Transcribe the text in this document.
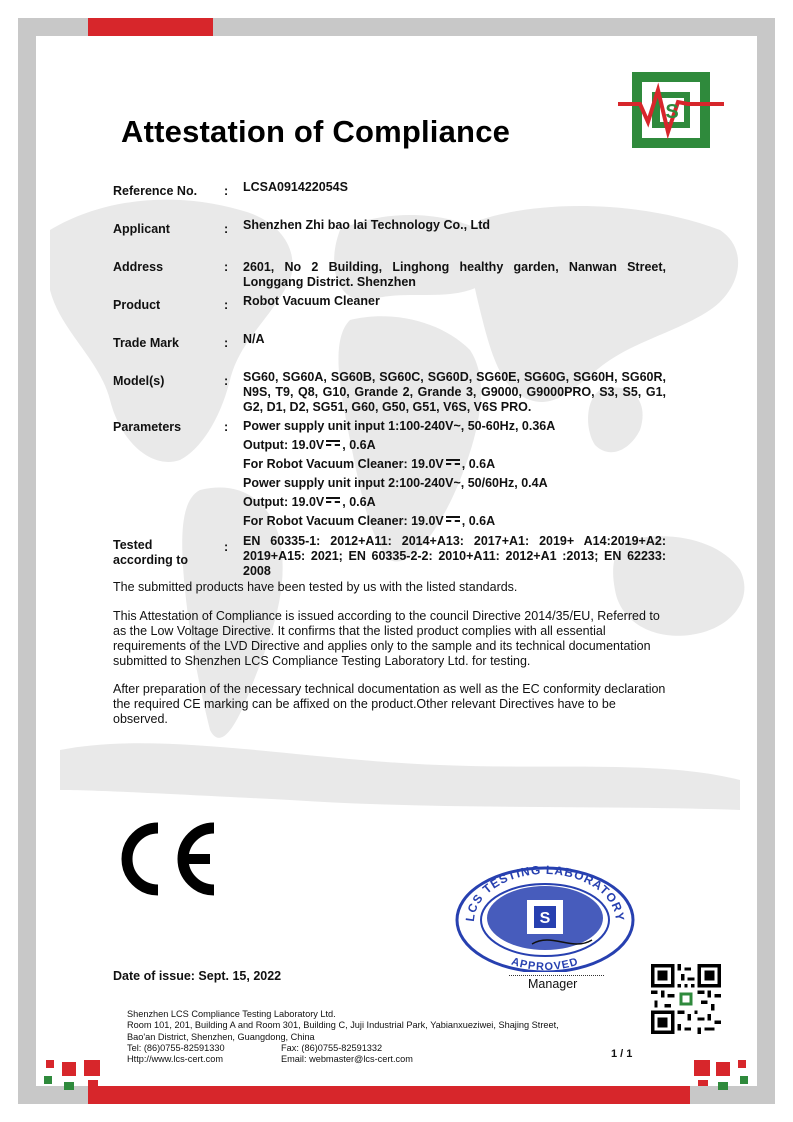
S
Attestation of Compliance
Reference No. : LCSA091422054S
Applicant	: Shenzhen Zhi bao lai Technology Co., Ltd
Address	: 2601, No 2 Building, Linghong healthy garden, Nanwan Street, Longgang District. Shenzhen
Product	: Robot Vacuum Cleaner
Trade Mark	: N/A
Model(s)	: SG60, SG60A, SG60B, SG60C, SG60D, SG60E, SG60G, SG60H, SG60R, N9S, T9, Q8, G10, Grande 2, Grande 3, G9000, G9000PRO, S3, S5, G1, G2, D1, D2, SG51, G60, G50, G51, V6S, V6S PRO.
Parameters	: Power supply unit input 1:100-240V~, 50-60Hz, 0.36A
Output: 19.0V , 0.6A
For Robot Vacuum Cleaner: 19.0V , 0.6A
Power supply unit input 2:100-240V~, 50/60Hz, 0.4A
Output: 19.0V , 0.6A
For Robot Vacuum Cleaner: 19.0V , 0.6A
Tested
according to
: EN 60335-1: 2012+A11: 2014+A13: 2017+A1: 2019+ A14:2019+A2: 2019+A15: 2021; EN 60335-2-2: 2010+A11: 2012+A1 :2013; EN 62233: 2008
The submitted products have been tested by us with the listed standards.
This Attestation of Compliance is issued according to the council Directive 2014/35/EU, Referred to as the Low Voltage Directive. It confirms that the listed product complies with all essential requirements of the LVD Directive and applies only to the sample and its technical documentation submitted to Shenzhen LCS Compliance Testing Laboratory Ltd. for testing.
After preparation of the necessary technical documentation as well as the EC conformity declaration the required CE marking can be affixed on the product.Other relevant Directives have to be observed.
LCS TESTING LABORATORY
APPROVED
S
Date of issue: Sept. 15, 2022
Manager
Shenzhen LCS Compliance Testing Laboratory Ltd.
Room 101, 201, Building A and Room 301, Building C, Juji Industrial Park, Yabianxueziwei, Shajing Street,
Bao'an District, Shenzhen, Guangdong, China
Tel: (86)0755-82591330	Fax: (86)0755-82591332
Http://www.lcs-cert.com	Email: webmaster@lcs-cert.com	1 / 1
